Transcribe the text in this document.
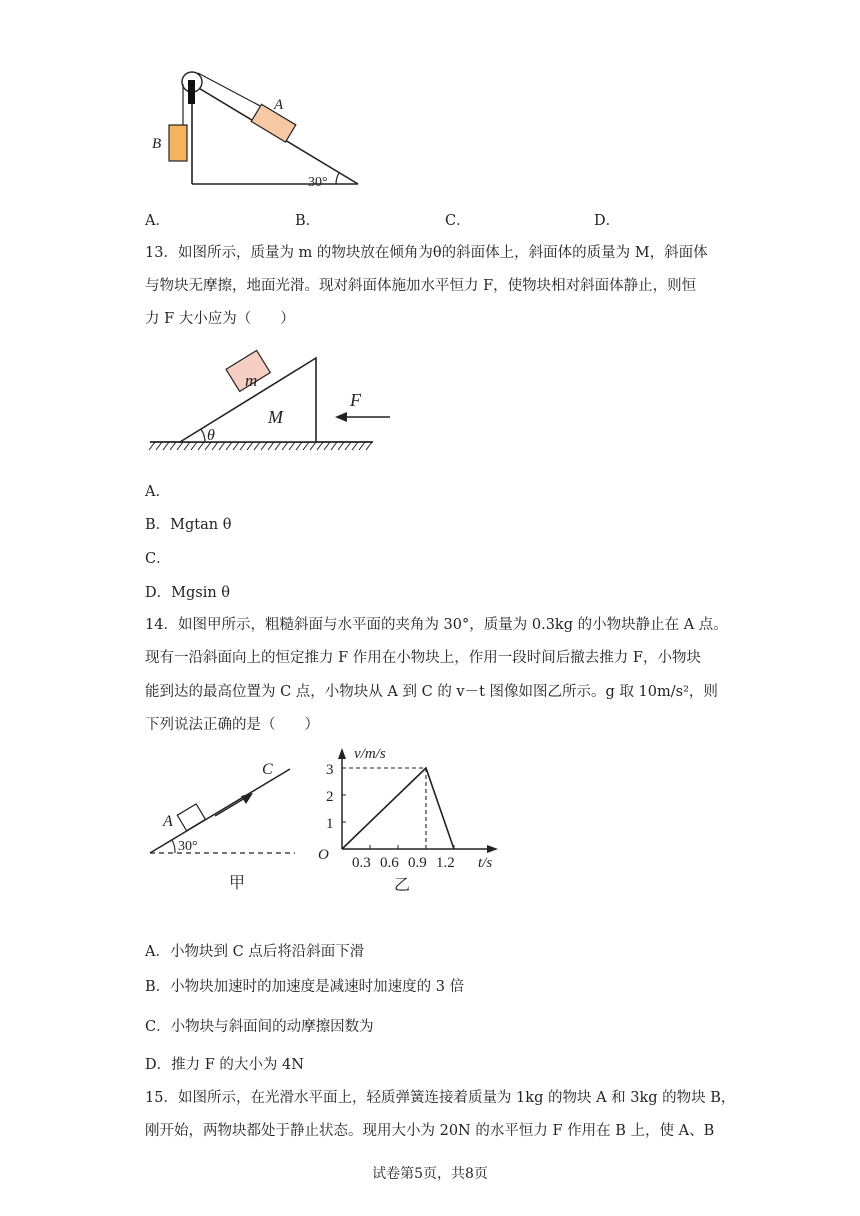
A
B
30°
A．	B．	C．	D．
13．如图所示，质量为 m 的物块放在倾角为θ的斜面体上，斜面体的质量为 M，斜面体
与物块无摩擦，地面光滑。现对斜面体施加水平恒力 F，使物块相对斜面体静止，则恒
力 F 大小应为（　　）
m
M
θ
F
A．
B．Mgtan θ
C．
D．Mgsin θ
14．如图甲所示，粗糙斜面与水平面的夹角为 30°，质量为 0.3kg 的小物块静止在 A 点。
现有一沿斜面向上的恒定推力 F 作用在小物块上，作用一段时间后撤去推力 F，小物块
能到达的最高位置为 C 点，小物块从 A 到 C 的 v－t 图像如图乙所示。g 取 10m/s²，则
下列说法正确的是（　　）
A
C
30°
甲
v/m/s
t/s
O
1
2
3
0.3 0.6 0.9 1.2
乙
A．小物块到 C 点后将沿斜面下滑
B．小物块加速时的加速度是减速时加速度的 3 倍
C．小物块与斜面间的动摩擦因数为
D．推力 F 的大小为 4N
15．如图所示，在光滑水平面上，轻质弹簧连接着质量为 1kg 的物块 A 和 3kg 的物块 B，
刚开始，两物块都处于静止状态。现用大小为 20N 的水平恒力 F 作用在 B 上，使 A、B
试卷第5页，共8页
